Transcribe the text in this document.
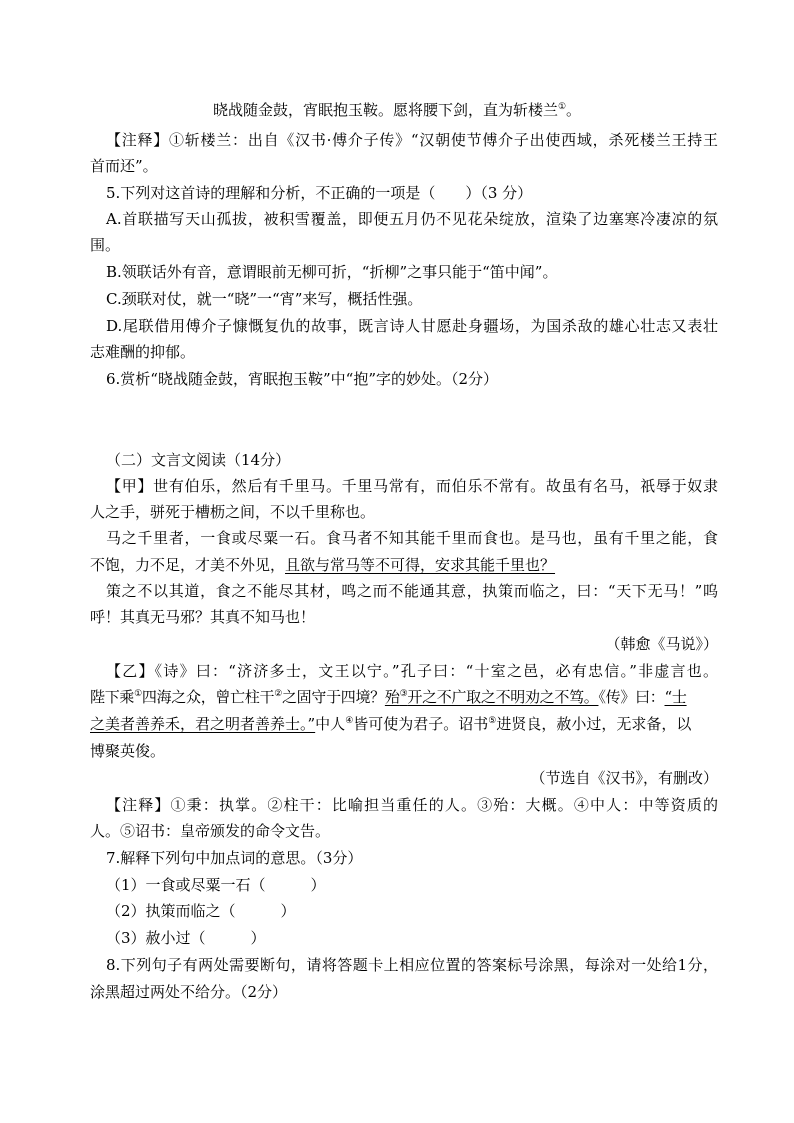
晓战随金鼓，宵眠抱玉鞍。愿将腰下剑，直为斩楼兰①。
【注释】①斩楼兰：出自《汉书·傅介子传》“汉朝使节傅介子出使西域，杀死楼兰王持王
首而还”。
5.下列对这首诗的理解和分析，不正确的一项是（　　）（3 分）
A.首联描写天山孤拔，被积雪覆盖，即便五月仍不见花朵绽放，渲染了边塞寒冷凄凉的氛
围。
B.领联话外有音，意谓眼前无柳可折，“折柳”之事只能于“笛中闻”。
C.颈联对仗，就一“晓”一“宵”来写，概括性强。
D.尾联借用傅介子慷慨复仇的故事，既言诗人甘愿赴身疆场，为国杀敌的雄心壮志又表壮
志难酬的抑郁。
6.赏析“晓战随金鼓，宵眠抱玉鞍”中“抱”字的妙处。（2分）
（二）文言文阅读（14分）
【甲】世有伯乐，然后有千里马。千里马常有，而伯乐不常有。故虽有名马，祇辱于奴隶
人之手，骈死于槽枥之间，不以千里称也。
马之千里者，一食或尽粟一石。食马者不知其能千里而食也。是马也，虽有千里之能，食
不饱，力不足，才美不外见，且欲与常马等不可得，安求其能千里也？
策之不以其道，食之不能尽其材，鸣之而不能通其意，执策而临之，曰：“天下无马！”呜
呼！其真无马邪？其真不知马也！
（韩愈《马说》）
【乙】《诗》曰：“济济多士，文王以宁。”孔子曰：“十室之邑，必有忠信。”非虚言也。
陛下乘①四海之众，曾亡柱干②之固守于四境？殆③开之不广取之不明劝之不笃。《传》曰：“士
之美者善养禾，君之明者善养士。”中人④皆可使为君子。诏书⑤进贤良，赦小过，无求备，以
博聚英俊。
（节选自《汉书》，有删改）
【注释】①秉：执掌。②柱干：比喻担当重任的人。③殆：大概。④中人：中等资质的
人。⑤诏书：皇帝颁发的命令文告。
7.解释下列句中加点词的意思。（3分）
（1）一食或尽粟一石（　　　）
（2）执策而临之（　　　）
（3）赦小过（　　　）
8.下列句子有两处需要断句，请将答题卡上相应位置的答案标号涂黑，每涂对一处给1分，
涂黑超过两处不给分。（2分）
